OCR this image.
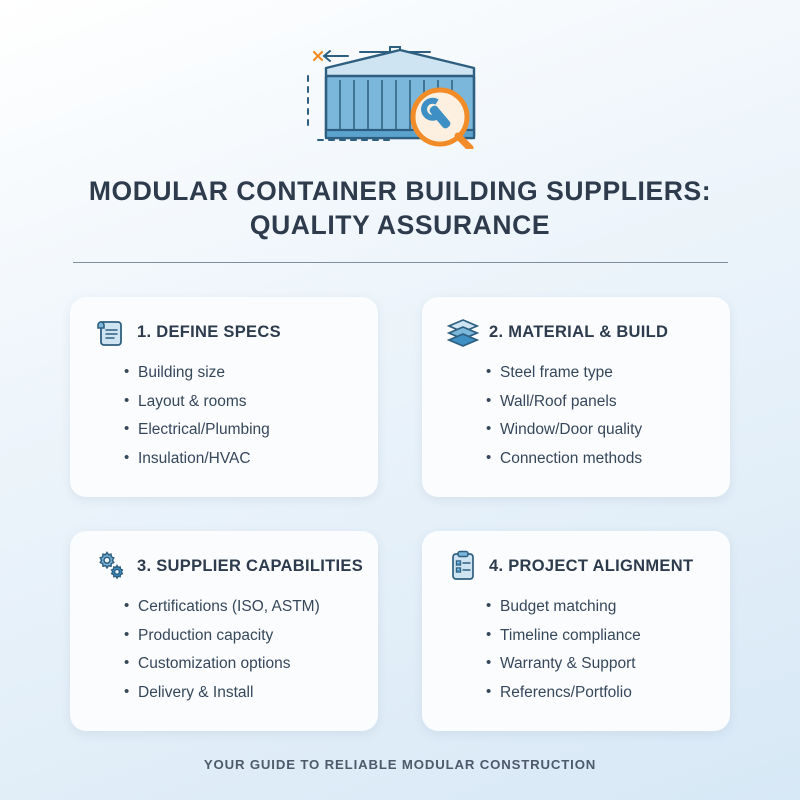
MODULAR CONTAINER BUILDING SUPPLIERS:
QUALITY ASSURANCE
1. DEFINE SPECS
• Building size
• Layout & rooms
• Electrical/Plumbing
• Insulation/HVAC
2. MATERIAL & BUILD
• Steel frame type
• Wall/Roof panels
• Window/Door quality
• Connection methods
3. SUPPLIER CAPABILITIES
• Certifications (ISO, ASTM)
• Production capacity
• Customization options
• Delivery & Install
4. PROJECT ALIGNMENT
• Budget matching
• Timeline compliance
• Warranty & Support
• Referencs/Portfolio
YOUR GUIDE TO RELIABLE MODULAR CONSTRUCTION
